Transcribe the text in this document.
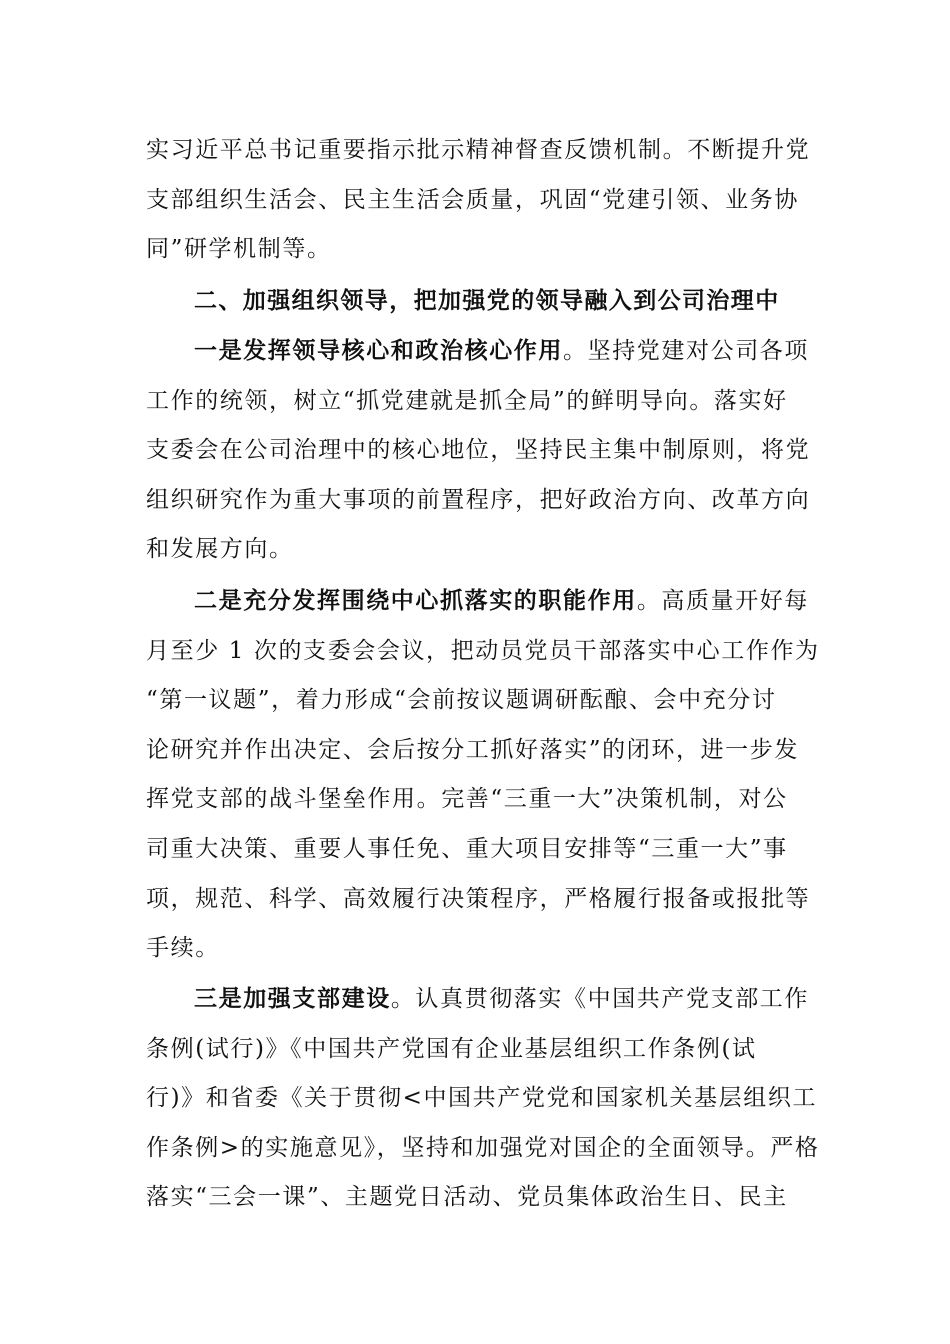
实习近平总书记重要指示批示精神督查反馈机制。不断提升党
支部组织生活会、民主生活会质量，巩固“党建引领、业务协
同”研学机制等。
二、加强组织领导，把加强党的领导融入到公司治理中
一是发挥领导核心和政治核心作用。坚持党建对公司各项
工作的统领，树立“抓党建就是抓全局”的鲜明导向。落实好
支委会在公司治理中的核心地位，坚持民主集中制原则，将党
组织研究作为重大事项的前置程序，把好政治方向、改革方向
和发展方向。
二是充分发挥围绕中心抓落实的职能作用。高质量开好每
月至少 1 次的支委会会议，把动员党员干部落实中心工作作为
“第一议题”，着力形成“会前按议题调研酝酿、会中充分讨
论研究并作出决定、会后按分工抓好落实”的闭环，进一步发
挥党支部的战斗堡垒作用。完善“三重一大”决策机制，对公
司重大决策、重要人事任免、重大项目安排等“三重一大”事
项，规范、科学、高效履行决策程序，严格履行报备或报批等
手续。
三是加强支部建设。认真贯彻落实《中国共产党支部工作
条例(试行)》《中国共产党国有企业基层组织工作条例(试
行)》和省委《关于贯彻<中国共产党党和国家机关基层组织工
作条例>的实施意见》，坚持和加强党对国企的全面领导。严格
落实“三会一课”、主题党日活动、党员集体政治生日、民主
